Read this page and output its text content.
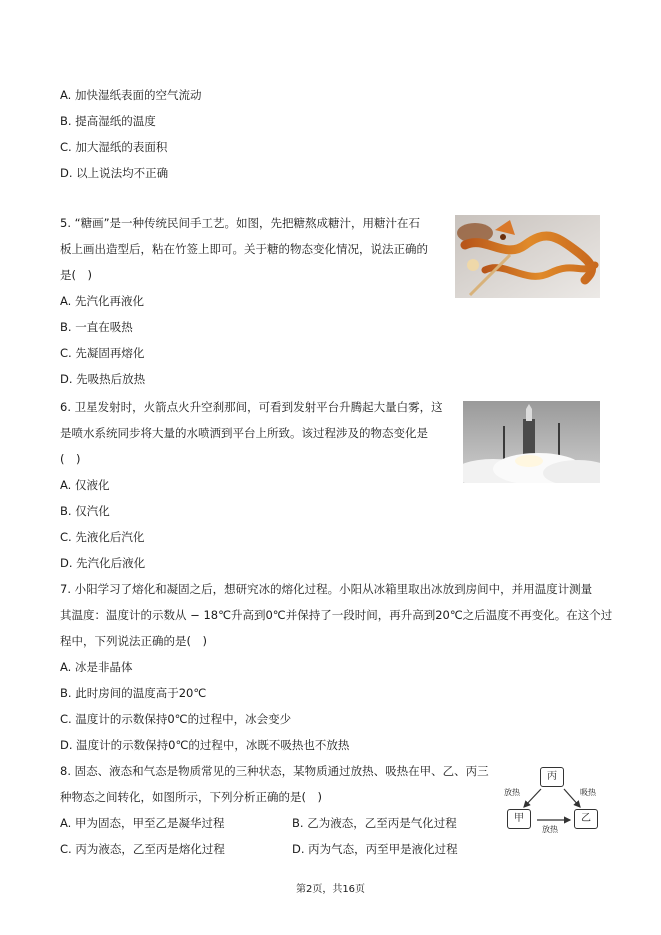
A. 加快湿纸表面的空气流动
B. 提高湿纸的温度
C. 加大湿纸的表面积
D. 以上说法均不正确
5. “糖画”是一种传统民间手工艺。如图，先把糖熬成糖汁，用糖汁在石
板上画出造型后，粘在竹签上即可。关于糖的物态变化情况，说法正确的
是(　)
A. 先汽化再液化
B. 一直在吸热
C. 先凝固再熔化
D. 先吸热后放热
6. 卫星发射时，火箭点火升空刹那间，可看到发射平台升腾起大量白雾，这
是喷水系统同步将大量的水喷洒到平台上所致。该过程涉及的物态变化是
(　)
A. 仅液化
B. 仅汽化
C. 先液化后汽化
D. 先汽化后液化
7. 小阳学习了熔化和凝固之后，想研究冰的熔化过程。小阳从冰箱里取出冰放到房间中，并用温度计测量
其温度：温度计的示数从 − 18℃升高到0℃并保持了一段时间，再升高到20℃之后温度不再变化。在这个过
程中，下列说法正确的是(　)
A. 冰是非晶体
B. 此时房间的温度高于20℃
C. 温度计的示数保持0℃的过程中，冰会变少
D. 温度计的示数保持0℃的过程中，冰既不吸热也不放热
8. 固态、液态和气态是物质常见的三种状态，某物质通过放热、吸热在甲、乙、丙三
种物态之间转化，如图所示，下列分析正确的是(　)
A. 甲为固态，甲至乙是凝华过程	B. 乙为液态，乙至丙是气化过程
C. 丙为液态，乙至丙是熔化过程	D. 丙为气态，丙至甲是液化过程
丙
甲	乙
放热	吸热
放热
第2页，共16页
